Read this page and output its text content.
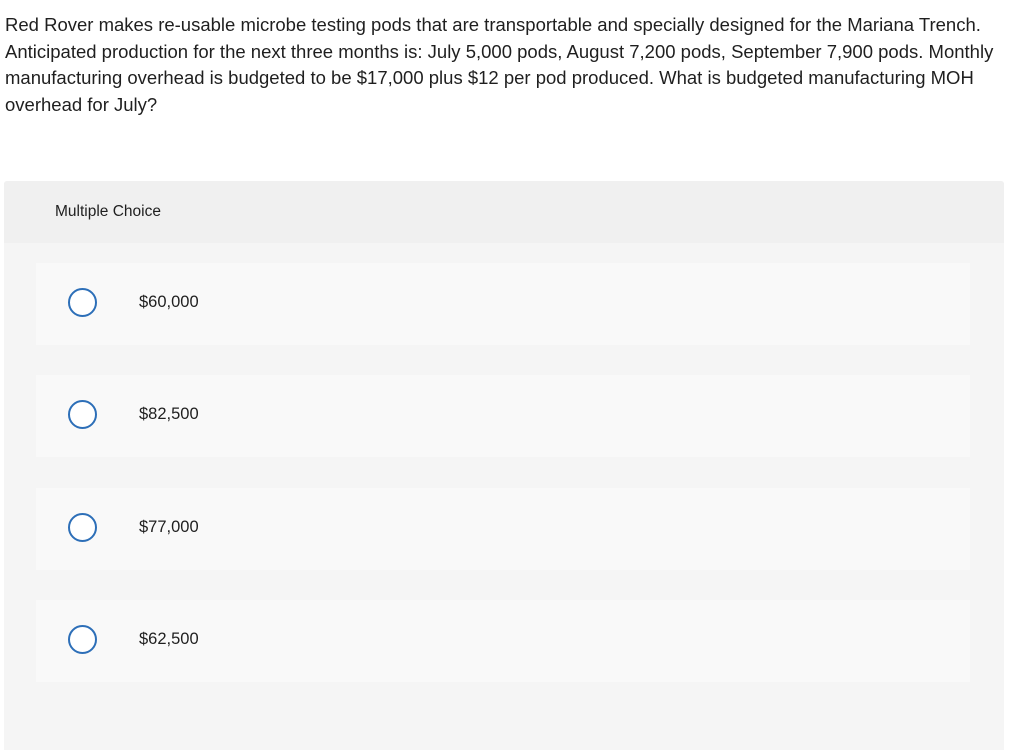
Red Rover makes re-usable microbe testing pods that are transportable and specially designed for the Mariana Trench. Anticipated production for the next three months is: July 5,000 pods, August 7,200 pods, September 7,900 pods. Monthly manufacturing overhead is budgeted to be $17,000 plus $12 per pod produced. What is budgeted manufacturing MOH overhead for July?

Multiple Choice
$60,000
$82,500
$77,000
$62,500
